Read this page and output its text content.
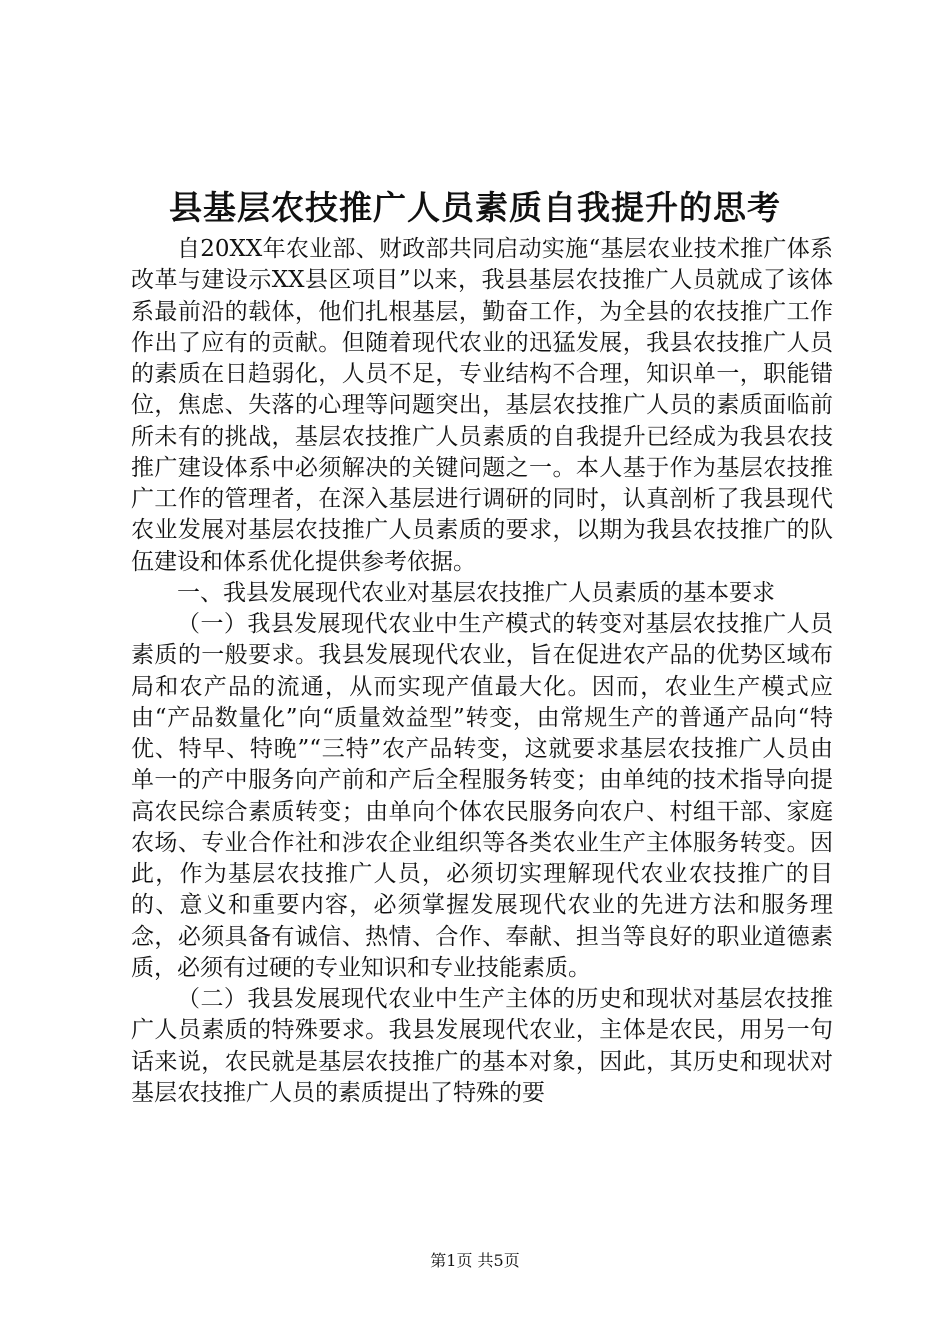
县基层农技推广人员素质自我提升的思考

自20XX年农业部、财政部共同启动实施“基层农业技术推广体系改革与建设示XX县区项目”以来，我县基层农技推广人员就成了该体系最前沿的载体，他们扎根基层，勤奋工作，为全县的农技推广工作作出了应有的贡献。但随着现代农业的迅猛发展，我县农技推广人员的素质在日趋弱化，人员不足，专业结构不合理，知识单一，职能错位，焦虑、失落的心理等问题突出，基层农技推广人员的素质面临前所未有的挑战，基层农技推广人员素质的自我提升已经成为我县农技推广建设体系中必须解决的关键问题之一。本人基于作为基层农技推广工作的管理者，在深入基层进行调研的同时，认真剖析了我县现代农业发展对基层农技推广人员素质的要求，以期为我县农技推广的队伍建设和体系优化提供参考依据。

一、我县发展现代农业对基层农技推广人员素质的基本要求

（一）我县发展现代农业中生产模式的转变对基层农技推广人员素质的一般要求。我县发展现代农业，旨在促进农产品的优势区域布局和农产品的流通，从而实现产值最大化。因而，农业生产模式应由“产品数量化”向“质量效益型”转变，由常规生产的普通产品向“特优、特早、特晚”“三特”农产品转变，这就要求基层农技推广人员由单一的产中服务向产前和产后全程服务转变；由单纯的技术指导向提高农民综合素质转变；由单向个体农民服务向农户、村组干部、家庭农场、专业合作社和涉农企业组织等各类农业生产主体服务转变。因此，作为基层农技推广人员，必须切实理解现代农业农技推广的目的、意义和重要内容，必须掌握发展现代农业的先进方法和服务理念，必须具备有诚信、热情、合作、奉献、担当等良好的职业道德素质，必须有过硬的专业知识和专业技能素质。

（二）我县发展现代农业中生产主体的历史和现状对基层农技推广人员素质的特殊要求。我县发展现代农业，主体是农民，用另一句话来说，农民就是基层农技推广的基本对象，因此，其历史和现状对基层农技推广人员的素质提出了特殊的要

第1页 共5页
